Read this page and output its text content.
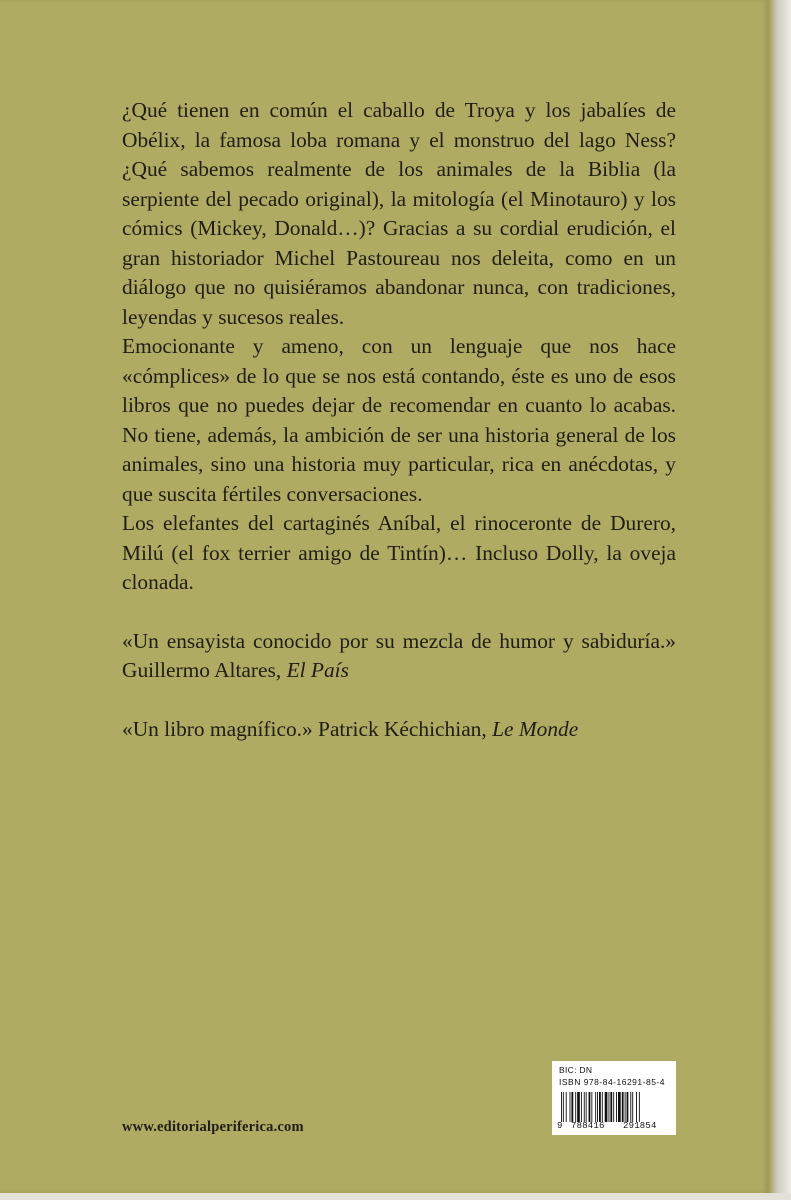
¿Qué tienen en común el caballo de Troya y los jabalíes de Obélix, la famosa loba romana y el monstruo del lago Ness? ¿Qué sabemos realmente de los animales de la Biblia (la serpiente del pecado original), la mitología (el Minotauro) y los cómics (Mickey, Donald…)? Gracias a su cordial erudición, el gran historiador Michel Pastoureau nos deleita, como en un diálogo que no quisiéramos abandonar nunca, con tradiciones, leyendas y sucesos reales.

Emocionante y ameno, con un lenguaje que nos hace «cómplices» de lo que se nos está contando, éste es uno de esos libros que no puedes dejar de recomendar en cuanto lo acabas. No tiene, además, la ambición de ser una historia general de los animales, sino una historia muy particular, rica en anécdotas, y que suscita fértiles conversaciones.

Los elefantes del cartaginés Aníbal, el rinoceronte de Durero, Milú (el fox terrier amigo de Tintín)… Incluso Dolly, la oveja clonada.

«Un ensayista conocido por su mezcla de humor y sabiduría.» Guillermo Altares, El País

«Un libro magnífico.» Patrick Kéchichian, Le Monde

www.editorialperiferica.com
BIC: DN
ISBN 978-84-16291-85-4
9 788416 291854
